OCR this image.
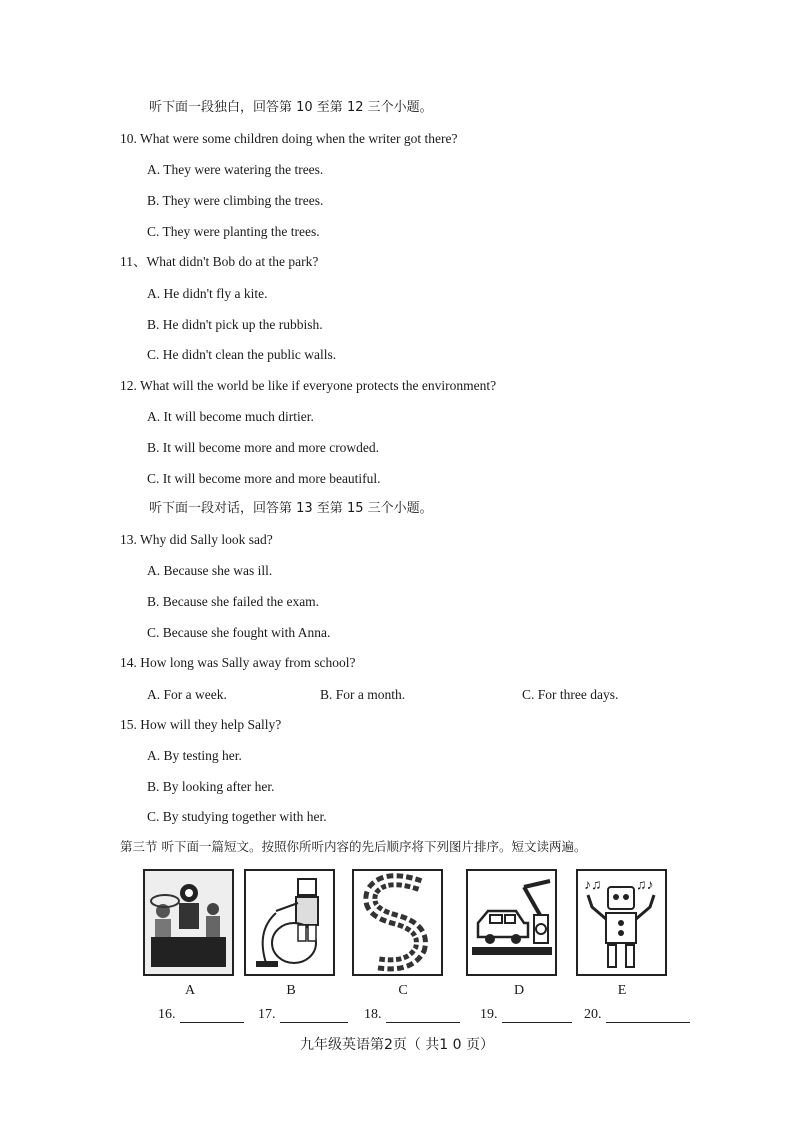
听下面一段独白，回答第 10 至第 12 三个小题。
10. What were some children doing when the writer got there?
A. They were watering the trees.
B. They were climbing the trees.
C. They were planting the trees.
11、What didn't Bob do at the park?
A. He didn't fly a kite.
B. He didn't pick up the rubbish.
C. He didn't clean the public walls.
12. What will the world be like if everyone protects the environment?
A. It will become much dirtier.
B. It will become more and more crowded.
C. It will become more and more beautiful.
听下面一段对话，回答第 13 至第 15 三个小题。
13. Why did Sally look sad?
A. Because she was ill.
B. Because she failed the exam.
C. Because she fought with Anna.
14. How long was Sally away from school?
A. For a week.	B. For a month.	C. For three days.
15. How will they help Sally?
A. By testing her.
B. By looking after her.
C. By studying together with her.
第三节 听下面一篇短文。按照你所听内容的先后顺序将下列图片排序。短文读两遍。
♪♫ ♫♪
A	B	C	D	E
16.	17.	18.	19.	20.
九年级英语第2页（ 共1 0 页）
